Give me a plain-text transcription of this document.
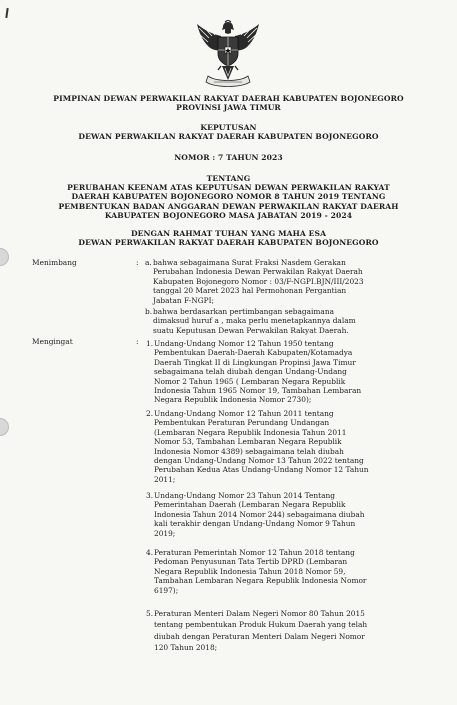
PIMPINAN DEWAN PERWAKILAN RAKYAT DAERAH KABUPATEN BOJONEGORO
PROVINSI JAWA TIMUR
KEPUTUSAN
DEWAN PERWAKILAN RAKYAT DAERAH KABUPATEN BOJONEGORO
NOMOR : 7 TAHUN 2023
TENTANG
PERUBAHAN KEENAM ATAS KEPUTUSAN DEWAN PERWAKILAN RAKYAT
DAERAH KABUPATEN BOJONEGORO NOMOR 8 TAHUN 2019 TENTANG
PEMBENTUKAN BADAN ANGGARAN DEWAN PERWAKILAN RAKYAT DAERAH
KABUPATEN BOJONEGORO MASA JABATAN 2019 - 2024
DENGAN RAHMAT TUHAN YANG MAHA ESA
DEWAN PERWAKILAN RAKYAT DAERAH KABUPATEN BOJONEGORO
Menimbang	: a. bahwa sebagaimana Surat Fraksi Nasdem Gerakan

Perubahan Indonesia Dewan Perwakilan Rakyat Daerah

Kabupaten Bojonegoro Nomor : 03/F-NGPI.BJN/III/2023

tanggal 20 Maret 2023 hal Permohonan Pergantian

Jabatan F-NGPI;

b. bahwa berdasarkan pertimbangan sebagaimana

dimaksud huruf a , maka perlu menetapkannya dalam

suatu Keputusan Dewan Perwakilan Rakyat Daerah.

Mengingat	: 1. Undang-Undang Nomor 12 Tahun 1950 tentang

Pembentukan Daerah-Daerah Kabupaten/Kotamadya

Daerah Tingkat II di Lingkungan Propinsi Jawa Timur

sebagaimana telah diubah dengan Undang-Undang

Nomor 2 Tahun 1965 ( Lembaran Negara Republik

Indonesia Tahun 1965 Nomor 19, Tambahan Lembaran

Negara Republik Indonesia Nomor 2730);

2. Undang-Undang Nomor 12 Tahun 2011 tentang

Pembentukan Peraturan Perundang Undangan

(Lembaran Negara Republik Indonesia Tahun 2011

Nomor 53, Tambahan Lembaran Negara Republik

Indonesia Nomor 4389) sebagaimana telah diubah

dengan Undang-Undang Nomor 13 Tahun 2022 tentang

Perubahan Kedua Atas Undang-Undang Nomor 12 Tahun

2011;

3. Undang-Undang Nomor 23 Tahun 2014 Tentang

Pemerintahan Daerah (Lembaran Negara Republik

Indonesia Tahun 2014 Nomor 244) sebagaimana diubah

kali terakhir dengan Undang-Undang Nomor 9 Tahun

2019;

4. Peraturan Pemerintah Nomor 12 Tahun 2018 tentang

Pedoman Penyusunan Tata Tertib DPRD (Lembaran

Negara Republik Indonesia Tahun 2018 Nomor 59,

Tambahan Lembaran Negara Republik Indonesia Nomor

6197);

5. Peraturan Menteri Dalam Negeri Nomor 80 Tahun 2015

tentang pembentukan Produk Hukum Daerah yang telah

diubah dengan Peraturan Menteri Dalam Negeri Nomor

120 Tahun 2018;
